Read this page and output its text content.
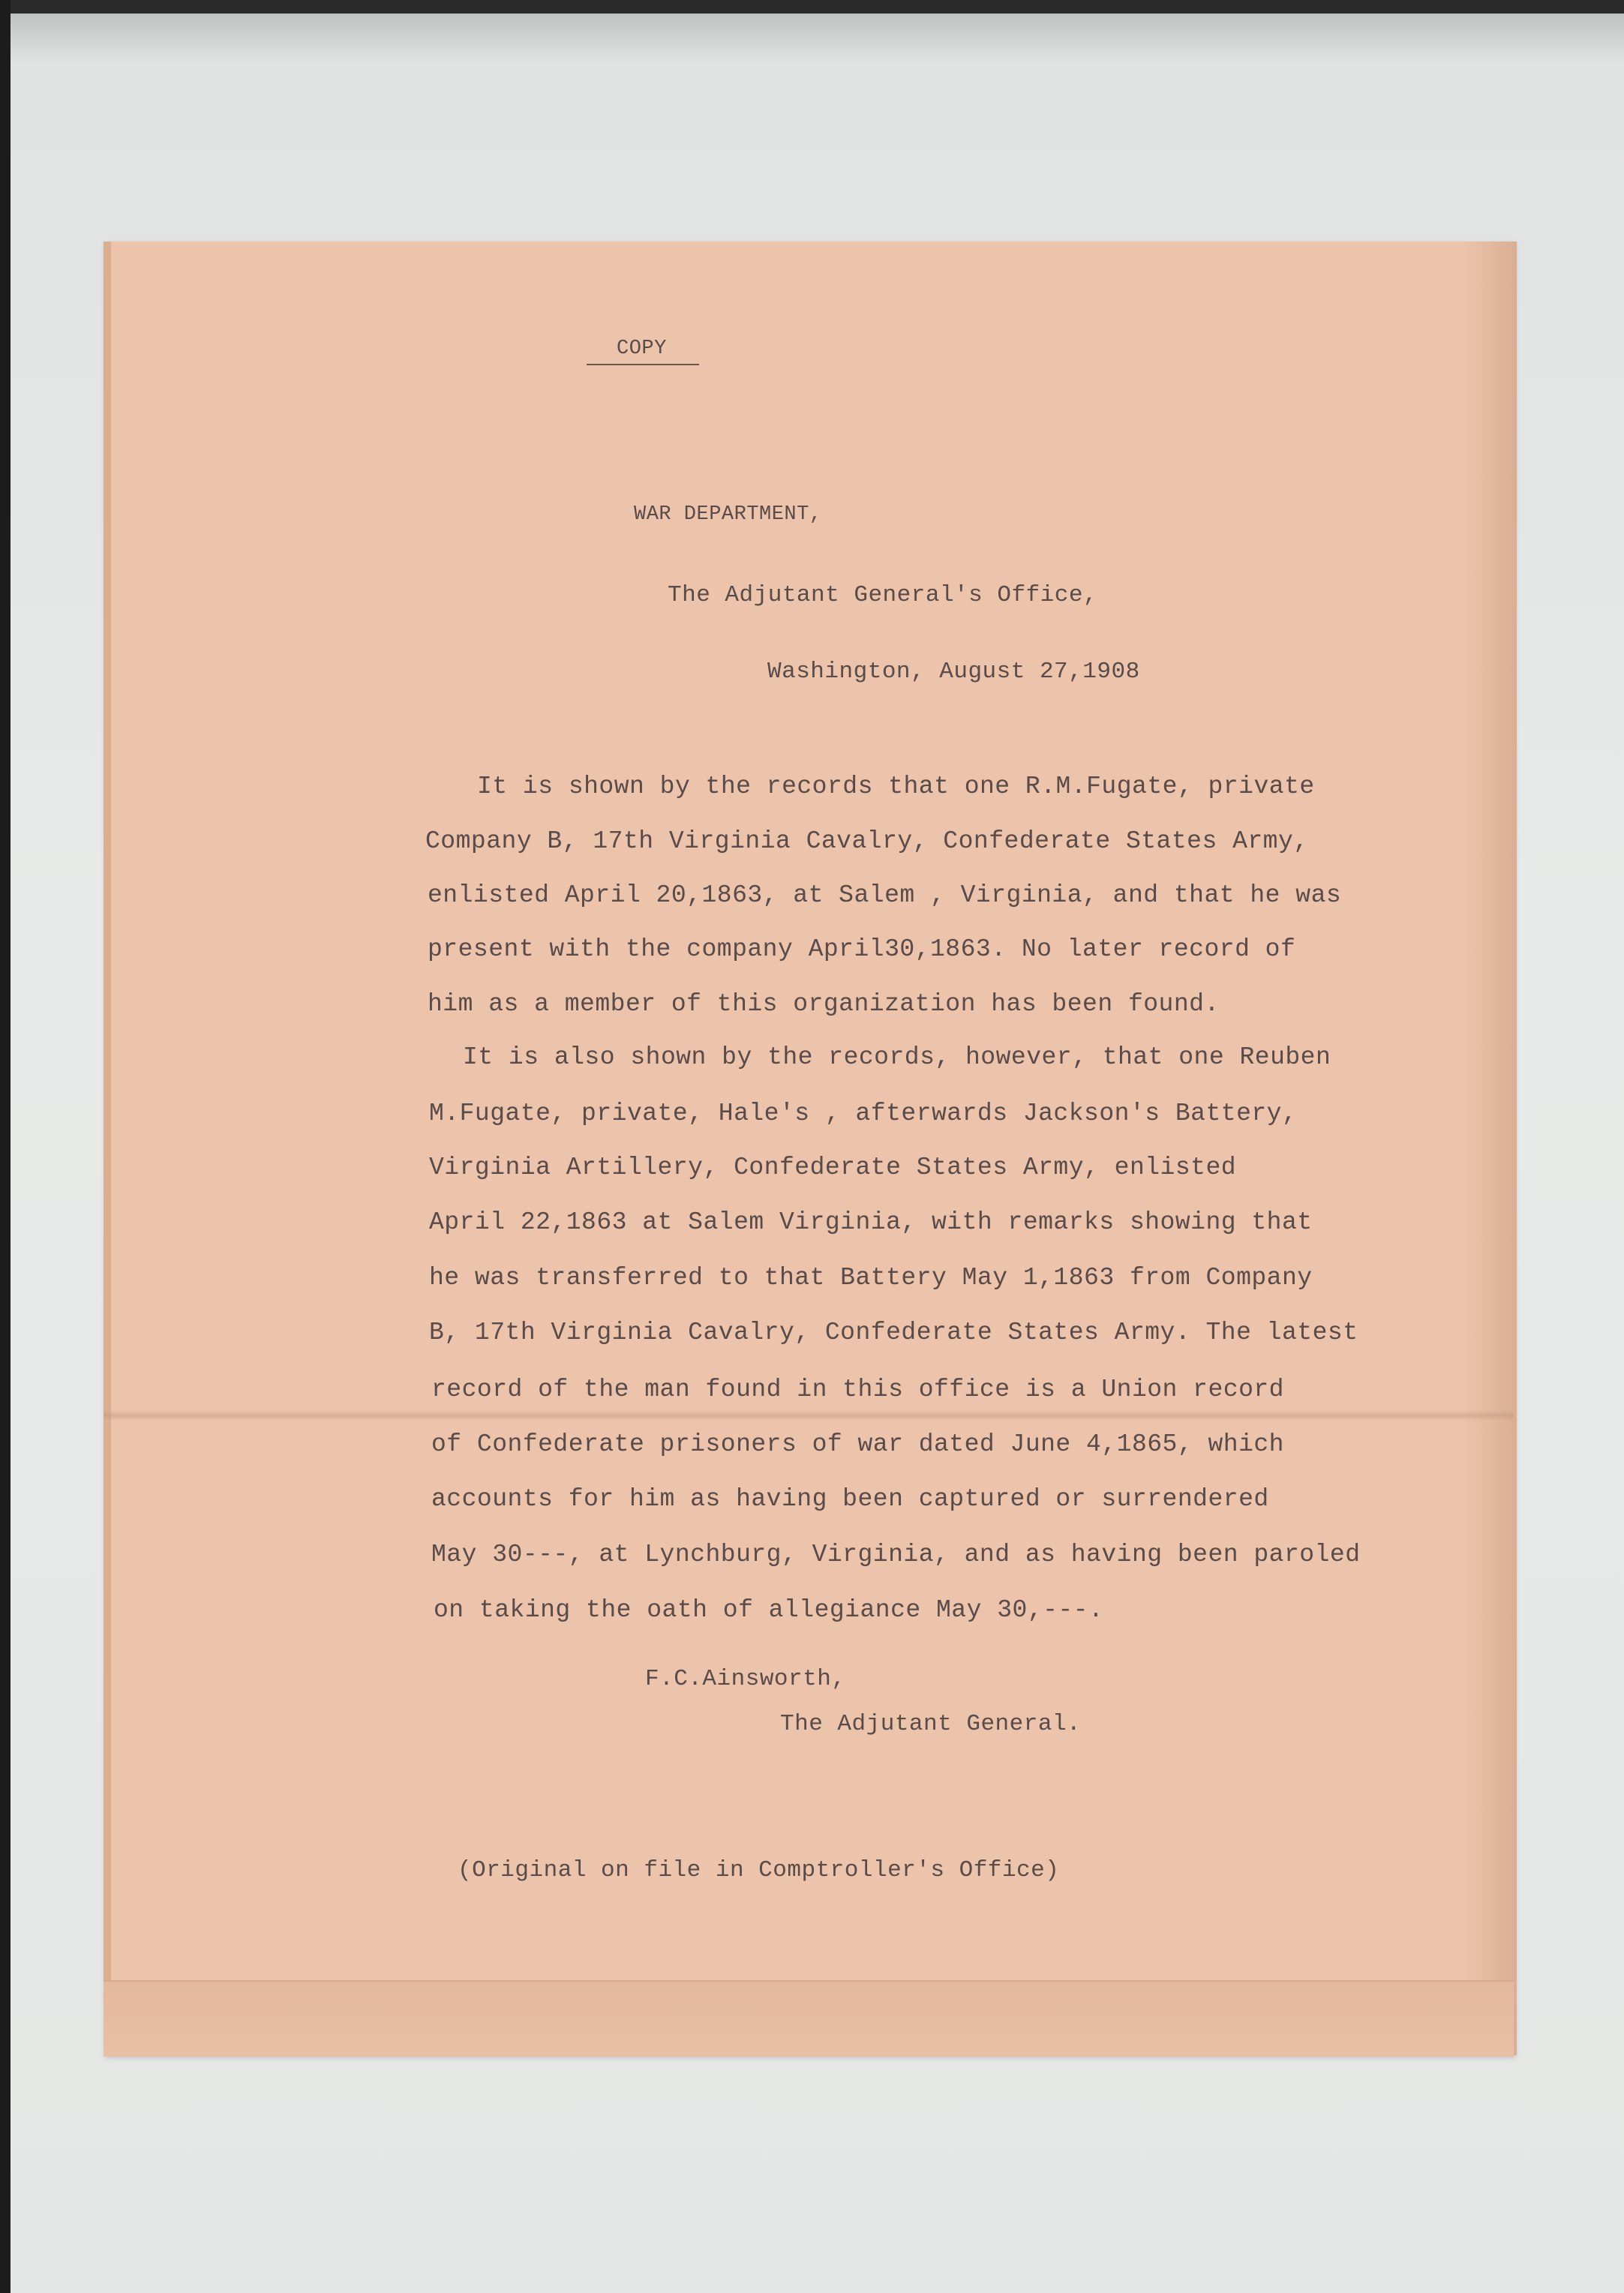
COPY
WAR DEPARTMENT,
The Adjutant General's Office,
Washington, August 27,1908
It is shown by the records that one R.M.Fugate, private
Company B, 17th Virginia Cavalry, Confederate States Army,
enlisted April 20,1863, at Salem , Virginia, and that he was
present with the company April30,1863. No later record of
him as a member of this organization has been found.
It is also shown by the records, however, that one Reuben
M.Fugate, private, Hale's , afterwards Jackson's Battery,
Virginia Artillery, Confederate States Army, enlisted
April 22,1863 at Salem Virginia, with remarks showing that
he was transferred to that Battery May 1,1863 from Company
B, 17th Virginia Cavalry, Confederate States Army. The latest
record of the man found in this office is a Union record
of Confederate prisoners of war dated June 4,1865, which
accounts for him as having been captured or surrendered
May 30---, at Lynchburg, Virginia, and as having been paroled
on taking the oath of allegiance May 30,---.
F.C.Ainsworth,
The Adjutant General.
(Original on file in Comptroller's Office)
